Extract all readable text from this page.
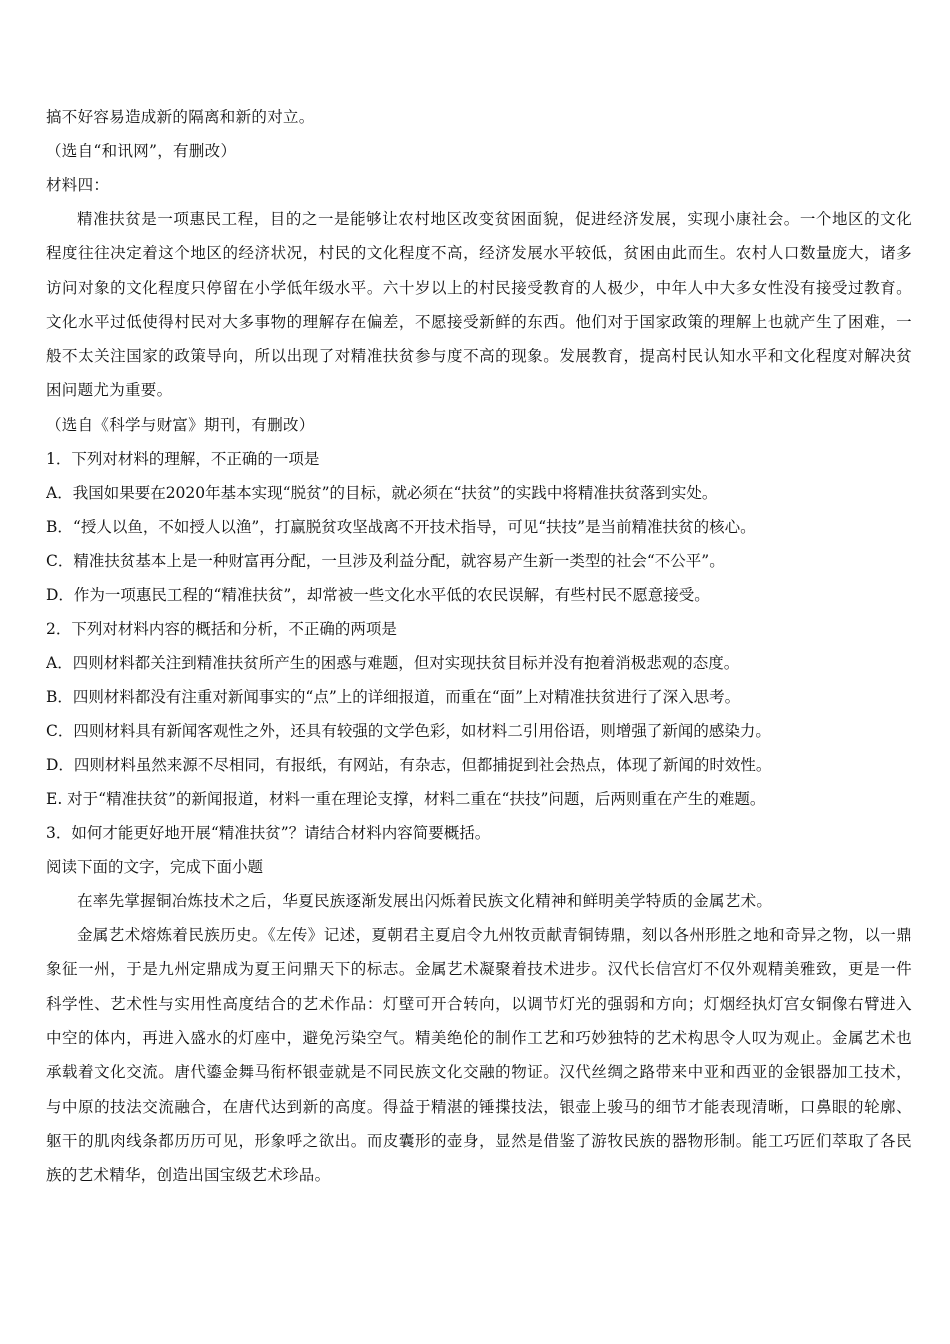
搞不好容易造成新的隔离和新的对立。
（选自“和讯网”，有删改）
材料四：

精准扶贫是一项惠民工程，目的之一是能够让农村地区改变贫困面貌，促进经济发展，实现小康社会。一个地区的文化程度往往决定着这个地区的经济状况，村民的文化程度不高，经济发展水平较低，贫困由此而生。农村人口数量庞大，诸多访问对象的文化程度只停留在小学低年级水平。六十岁以上的村民接受教育的人极少，中年人中大多女性没有接受过教育。文化水平过低使得村民对大多事物的理解存在偏差，不愿接受新鲜的东西。他们对于国家政策的理解上也就产生了困难，一般不太关注国家的政策导向，所以出现了对精准扶贫参与度不高的现象。发展教育，提高村民认知水平和文化程度对解决贫困问题尤为重要。

（选自《科学与财富》期刊，有删改）
1．下列对材料的理解，不正确的一项是
A．我国如果要在2020年基本实现“脱贫”的目标，就必须在“扶贫”的实践中将精准扶贫落到实处。
B．“授人以鱼，不如授人以渔”，打赢脱贫攻坚战离不开技术指导，可见“扶技”是当前精准扶贫的核心。
C．精准扶贫基本上是一种财富再分配，一旦涉及利益分配，就容易产生新一类型的社会“不公平”。
D．作为一项惠民工程的“精准扶贫”，却常被一些文化水平低的农民误解，有些村民不愿意接受。
2．下列对材料内容的概括和分析，不正确的两项是
A．四则材料都关注到精准扶贫所产生的困惑与难题，但对实现扶贫目标并没有抱着消极悲观的态度。
B．四则材料都没有注重对新闻事实的“点”上的详细报道，而重在“面”上对精准扶贫进行了深入思考。
C．四则材料具有新闻客观性之外，还具有较强的文学色彩，如材料二引用俗语，则增强了新闻的感染力。
D．四则材料虽然来源不尽相同，有报纸，有网站，有杂志，但都捕捉到社会热点，体现了新闻的时效性。
E. 对于“精准扶贫”的新闻报道，材料一重在理论支撑，材料二重在“扶技”问题，后两则重在产生的难题。
3．如何才能更好地开展“精准扶贫”？请结合材料内容简要概括。
阅读下面的文字，完成下面小题

在率先掌握铜冶炼技术之后，华夏民族逐渐发展出闪烁着民族文化精神和鲜明美学特质的金属艺术。

金属艺术熔炼着民族历史。《左传》记述，夏朝君主夏启令九州牧贡献青铜铸鼎，刻以各州形胜之地和奇异之物，以一鼎象征一州，于是九州定鼎成为夏王问鼎天下的标志。金属艺术凝聚着技术进步。汉代长信宫灯不仅外观精美雅致，更是一件科学性、艺术性与实用性高度结合的艺术作品：灯壁可开合转向，以调节灯光的强弱和方向；灯烟经执灯宫女铜像右臂进入中空的体内，再进入盛水的灯座中，避免污染空气。精美绝伦的制作工艺和巧妙独特的艺术构思令人叹为观止。金属艺术也承载着文化交流。唐代鎏金舞马衔杯银壶就是不同民族文化交融的物证。汉代丝绸之路带来中亚和西亚的金银器加工技术，与中原的技法交流融合，在唐代达到新的高度。得益于精湛的锤揲技法，银壶上骏马的细节才能表现清晰，口鼻眼的轮廓、躯干的肌肉线条都历历可见，形象呼之欲出。而皮囊形的壶身，显然是借鉴了游牧民族的器物形制。能工巧匠们萃取了各民族的艺术精华，创造出国宝级艺术珍品。
